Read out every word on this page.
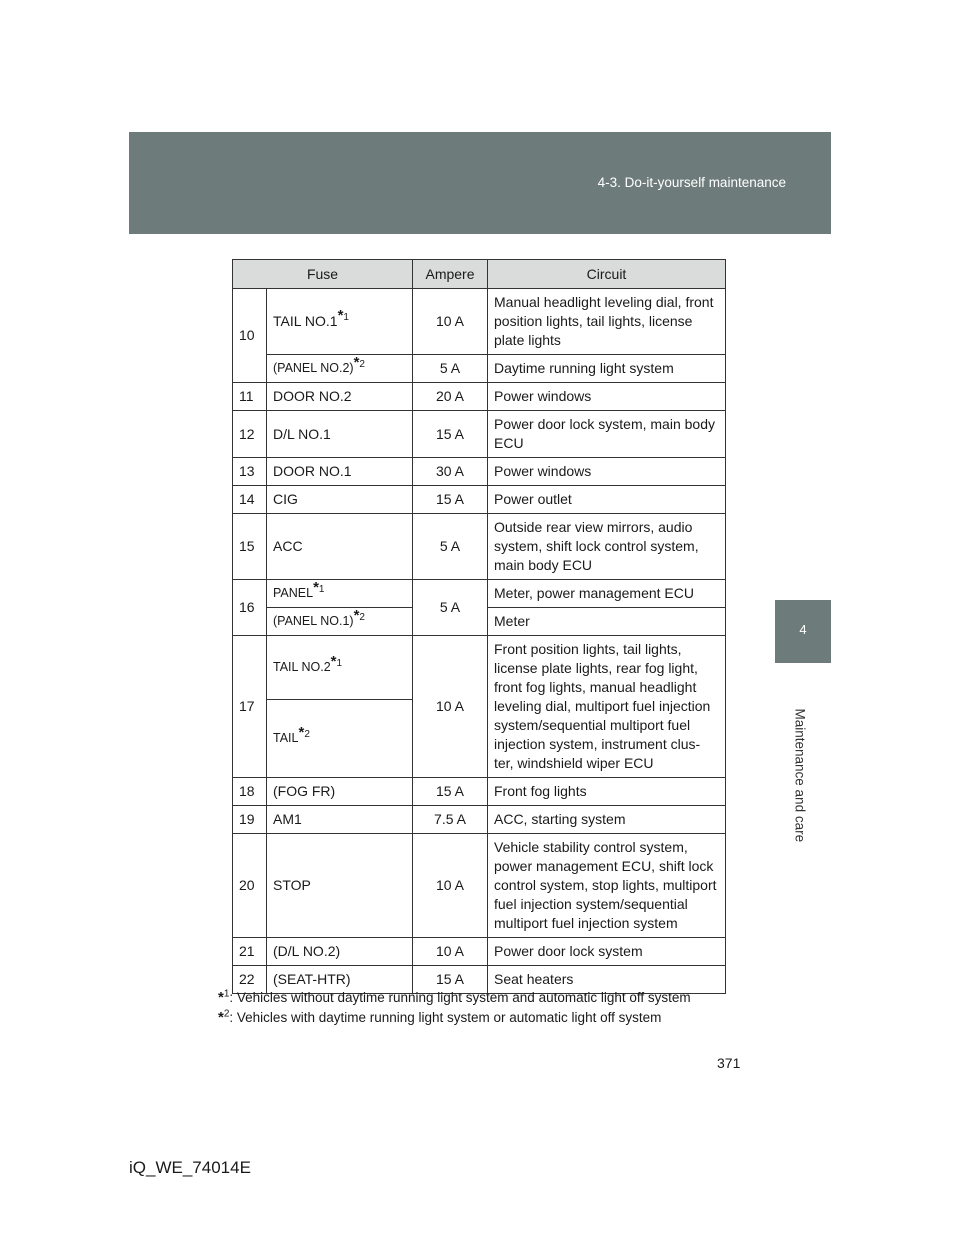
4-3. Do-it-yourself maintenance
4
Maintenance and care
Fuse		Ampere	Circuit
10	TAIL NO.1$^{*1}$	10 A	Manual headlight leveling dial, front position lights, tail lights, license plate lights
	(PANEL NO.2)$^{*2}$	5 A	Daytime running light system
11	DOOR NO.2	20 A	Power windows
12	D/L NO.1	15 A	Power door lock system, main body ECU
13	DOOR NO.1	30 A	Power windows
14	CIG	15 A	Power outlet
15	ACC	5 A	Outside rear view mirrors, audio system, shift lock control system, main body ECU
16	PANEL$^{*1}$	5 A	Meter, power management ECU
	(PANEL NO.1)$^{*2}$		Meter
17	TAIL NO.2$^{*1}$	10 A	Front position lights, tail lights, license plate lights, rear fog light, front fog lights, manual headlight leveling dial, multiport fuel injection system/sequential multiport fuel injection system, instrument clus-ter, windshield wiper ECU
	TAIL$^{*2}$
18	(FOG FR)	15 A	Front fog lights
19	AM1	7.5 A	ACC, starting system
20	STOP	10 A	Vehicle stability control system, power management ECU, shift lock control system, stop lights, multiport fuel injection system/sequential multiport fuel injection system
21	(D/L NO.2)	10 A	Power door lock system
22	(SEAT-HTR)	15 A	Seat heaters
*$^1$: Vehicles without daytime running light system and automatic light off system
*$^2$: Vehicles with daytime running light system or automatic light off system
371
iQ_WE_74014E
